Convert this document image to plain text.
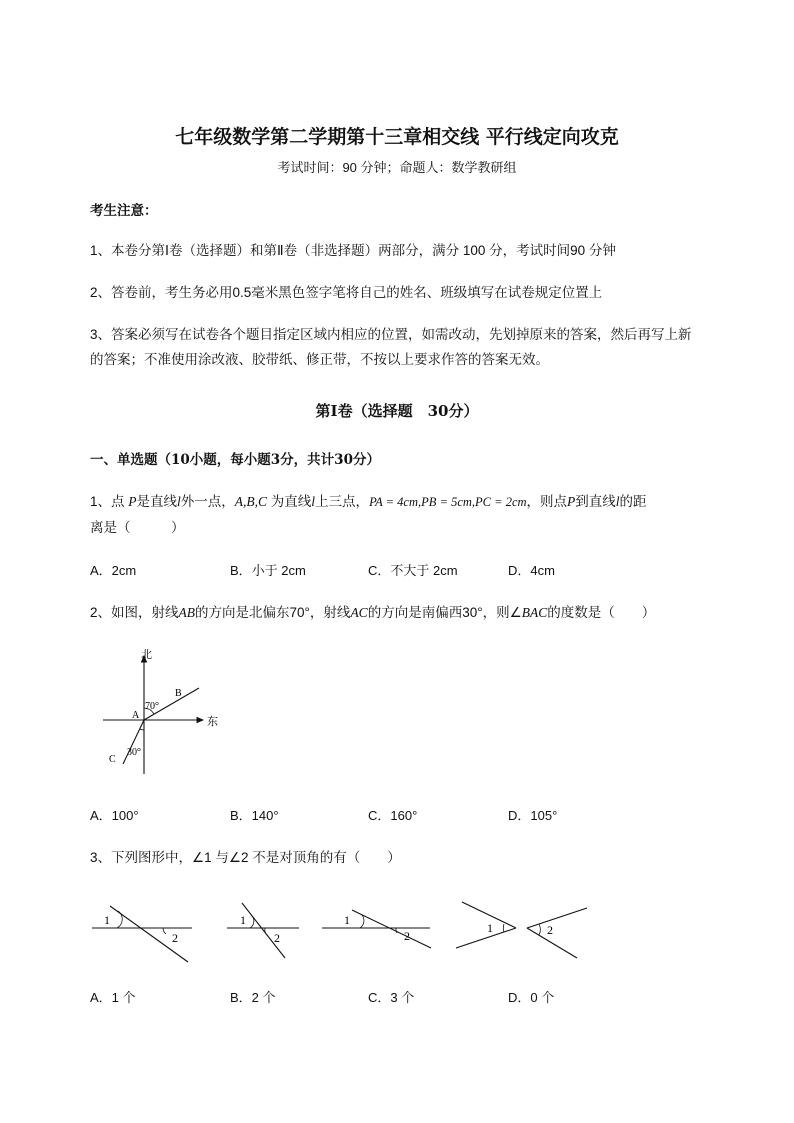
七年级数学第二学期第十三章相交线 平行线定向攻克
考试时间：90 分钟；命题人：数学教研组
考生注意：
1、本卷分第Ⅰ卷（选择题）和第Ⅱ卷（非选择题）两部分，满分 100 分，考试时间90 分钟
2、答卷前，考生务必用0.5毫米黑色签字笔将自己的姓名、班级填写在试卷规定位置上
3、答案必须写在试卷各个题目指定区域内相应的位置，如需改动，先划掉原来的答案，然后再写上新
的答案；不准使用涂改液、胶带纸、修正带，不按以上要求作答的答案无效。
第Ⅰ卷（选择题　30分）
一、单选题（10小题，每小题3分，共计30分）
1、点 P是直线l外一点，A,B,C 为直线l上三点，PA = 4cm,PB = 5cm,PC = 2cm，则点P到直线l的距
离是（　　　）
A．2cm	B．小于 2cm	C．不大于 2cm	D．4cm
2、如图，射线AB的方向是北偏东70°，射线AC的方向是南偏西30°，则∠BAC的度数是（　　）
北
东
A
B
C
70°
30°
A．100°	B．140°	C．160°	D．105°
3、下列图形中，∠1 与∠2 不是对顶角的有（　　）
1
2
1
2
1
2
1	2
A．1 个	B．2 个	C．3 个	D．0 个
